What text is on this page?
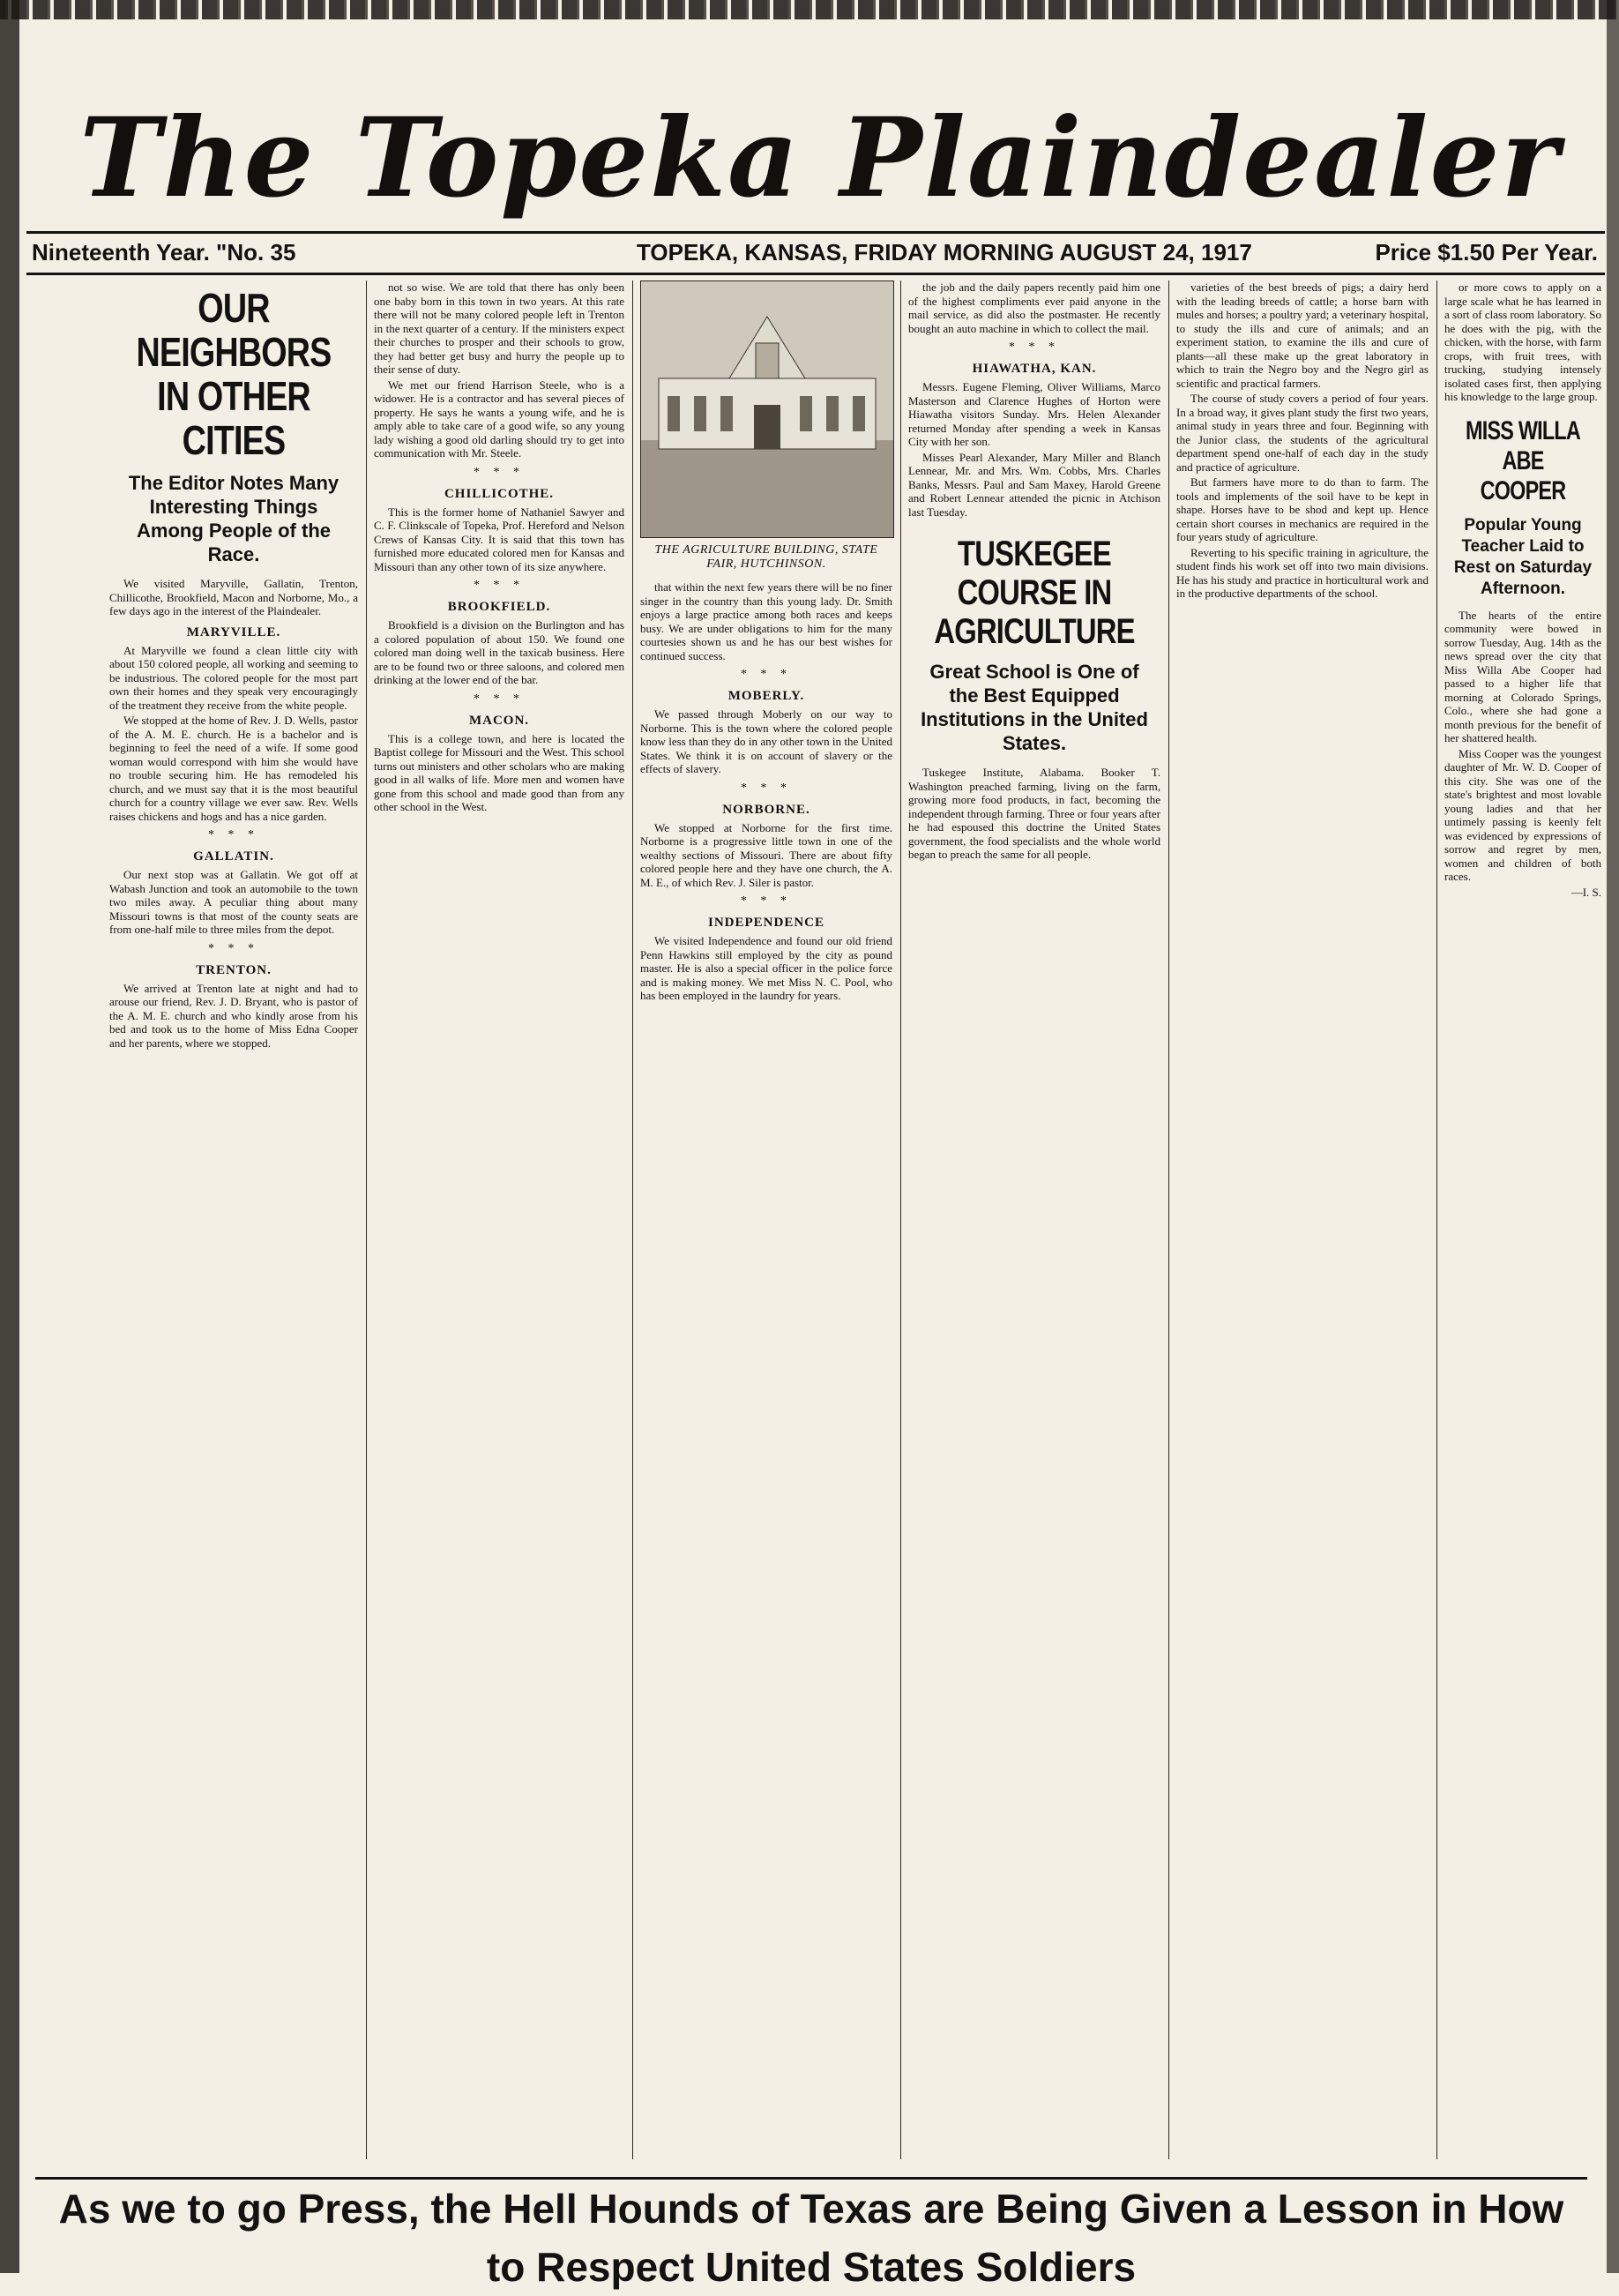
The Topeka Plaindealer
Nineteenth Year. "No. 35	TOPEKA, KANSAS, FRIDAY MORNING AUGUST 24, 1917	Price $1.50 Per Year.
OUR NEIGHBORS IN OTHER CITIES
The Editor Notes Many Interesting Things Among People of the Race.

We visited Maryville, Gallatin, Trenton, Chillicothe, Brookfield, Macon and Norborne, Mo., a few days ago in the interest of the Plaindealer.

MARYVILLE.

At Maryville we found a clean little city with about 150 colored people, all working and seeming to be industrious. The colored people for the most part own their homes and they speak very encouragingly of the treatment they receive from the white people.

We stopped at the home of Rev. J. D. Wells, pastor of the A. M. E. church. He is a bachelor and is beginning to feel the need of a wife. If some good woman would correspond with him she would have no trouble securing him. He has remodeled his church, and we must say that it is the most beautiful church for a country village we ever saw. Rev. Wells raises chickens and hogs and has a nice garden.

* * *
GALLATIN.

Our next stop was at Gallatin. We got off at Wabash Junction and took an automobile to the town two miles away. A peculiar thing about many Missouri towns is that most of the county seats are from one-half mile to three miles from the depot.

* * *
TRENTON.

We arrived at Trenton late at night and had to arouse our friend, Rev. J. D. Bryant, who is pastor of the A. M. E. church and who kindly arose from his bed and took us to the home of Miss Edna Cooper and her parents, where we stopped.

not so wise. We are told that there has only been one baby born in this town in two years. At this rate there will not be many colored people left in Trenton in the next quarter of a century. If the ministers expect their churches to prosper and their schools to grow, they had better get busy and hurry the people up to their sense of duty.

We met our friend Harrison Steele, who is a widower. He is a contractor and has several pieces of property. He says he wants a young wife, and he is amply able to take care of a good wife, so any young lady wishing a good old darling should try to get into communication with Mr. Steele.

* * *
CHILLICOTHE.

This is the former home of Nathaniel Sawyer and C. F. Clinkscale of Topeka, Prof. Hereford and Nelson Crews of Kansas City. It is said that this town has furnished more educated colored men for Kansas and Missouri than any other town of its size anywhere.

* * *
BROOKFIELD.

Brookfield is a division on the Burlington and has a colored population of about 150. We found one colored man doing well in the taxicab business. Here are to be found two or three saloons, and colored men drinking at the lower end of the bar.

* * *
MACON.

This is a college town, and here is located the Baptist college for Missouri and the West. This school turns out ministers and other scholars who are making good in all walks of life. More men and women have gone from this school and made good than from any other school in the West.

THE AGRICULTURE BUILDING, STATE FAIR, HUTCHINSON.

that within the next few years there will be no finer singer in the country than this young lady. Dr. Smith enjoys a large practice among both races and keeps busy. We are under obligations to him for the many courtesies shown us and he has our best wishes for continued success.

* * *
MOBERLY.

We passed through Moberly on our way to Norborne. This is the town where the colored people know less than they do in any other town in the United States. We think it is on account of slavery or the effects of slavery.

* * *
NORBORNE.

We stopped at Norborne for the first time. Norborne is a progressive little town in one of the wealthy sections of Missouri. There are about fifty colored people here and they have one church, the A. M. E., of which Rev. J. Siler is pastor.

* * *
INDEPENDENCE

We visited Independence and found our old friend Penn Hawkins still employed by the city as pound master. He is also a special officer in the police force and is making money. We met Miss N. C. Pool, who has been employed in the laundry for years.

the job and the daily papers recently paid him one of the highest compliments ever paid anyone in the mail service, as did also the postmaster. He recently bought an auto machine in which to collect the mail.

* * *
HIAWATHA, KAN.

Messrs. Eugene Fleming, Oliver Williams, Marco Masterson and Clarence Hughes of Horton were Hiawatha visitors Sunday. Mrs. Helen Alexander returned Monday after spending a week in Kansas City with her son.

Misses Pearl Alexander, Mary Miller and Blanch Lennear, Mr. and Mrs. Wm. Cobbs, Mrs. Charles Banks, Messrs. Paul and Sam Maxey, Harold Greene and Robert Lennear attended the picnic in Atchison last Tuesday.

TUSKEGEE COURSE IN AGRICULTURE
Great School is One of the Best Equipped Institutions in the United States.

Tuskegee Institute, Alabama. Booker T. Washington preached farming, living on the farm, growing more food products, in fact, becoming the independent through farming. Three or four years after he had espoused this doctrine the United States government, the food specialists and the whole world began to preach the same for all people.

varieties of the best breeds of pigs; a dairy herd with the leading breeds of cattle; a horse barn with mules and horses; a poultry yard; a veterinary hospital, to study the ills and cure of animals; and an experiment station, to examine the ills and cure of plants—all these make up the great laboratory in which to train the Negro boy and the Negro girl as scientific and practical farmers.

The course of study covers a period of four years. In a broad way, it gives plant study the first two years, animal study in years three and four. Beginning with the Junior class, the students of the agricultural department spend one-half of each day in the study and practice of agriculture.

But farmers have more to do than to farm. The tools and implements of the soil have to be kept in shape. Horses have to be shod and kept up. Hence certain short courses in mechanics are required in the four years study of agriculture.

Reverting to his specific training in agriculture, the student finds his work set off into two main divisions. He has his study and practice in horticultural work and in the productive departments of the school.

or more cows to apply on a large scale what he has learned in a sort of class room laboratory. So he does with the pig, with the chicken, with the horse, with farm crops, with fruit trees, with trucking, studying intensely isolated cases first, then applying his knowledge to the large group.

MISS WILLA ABE COOPER
Popular Young Teacher Laid to Rest on Saturday Afternoon.

The hearts of the entire community were bowed in sorrow Tuesday, Aug. 14th as the news spread over the city that Miss Willa Abe Cooper had passed to a higher life that morning at Colorado Springs, Colo., where she had gone a month previous for the benefit of her shattered health.

Miss Cooper was the youngest daughter of Mr. W. D. Cooper of this city. She was one of the state's brightest and most lovable young ladies and that her untimely passing is keenly felt was evidenced by expressions of sorrow and regret by men, women and children of both races.

—I. S.

As we to go Press, the Hell Hounds of Texas are Being Given a Lesson in How to Respect United States Soldiers
